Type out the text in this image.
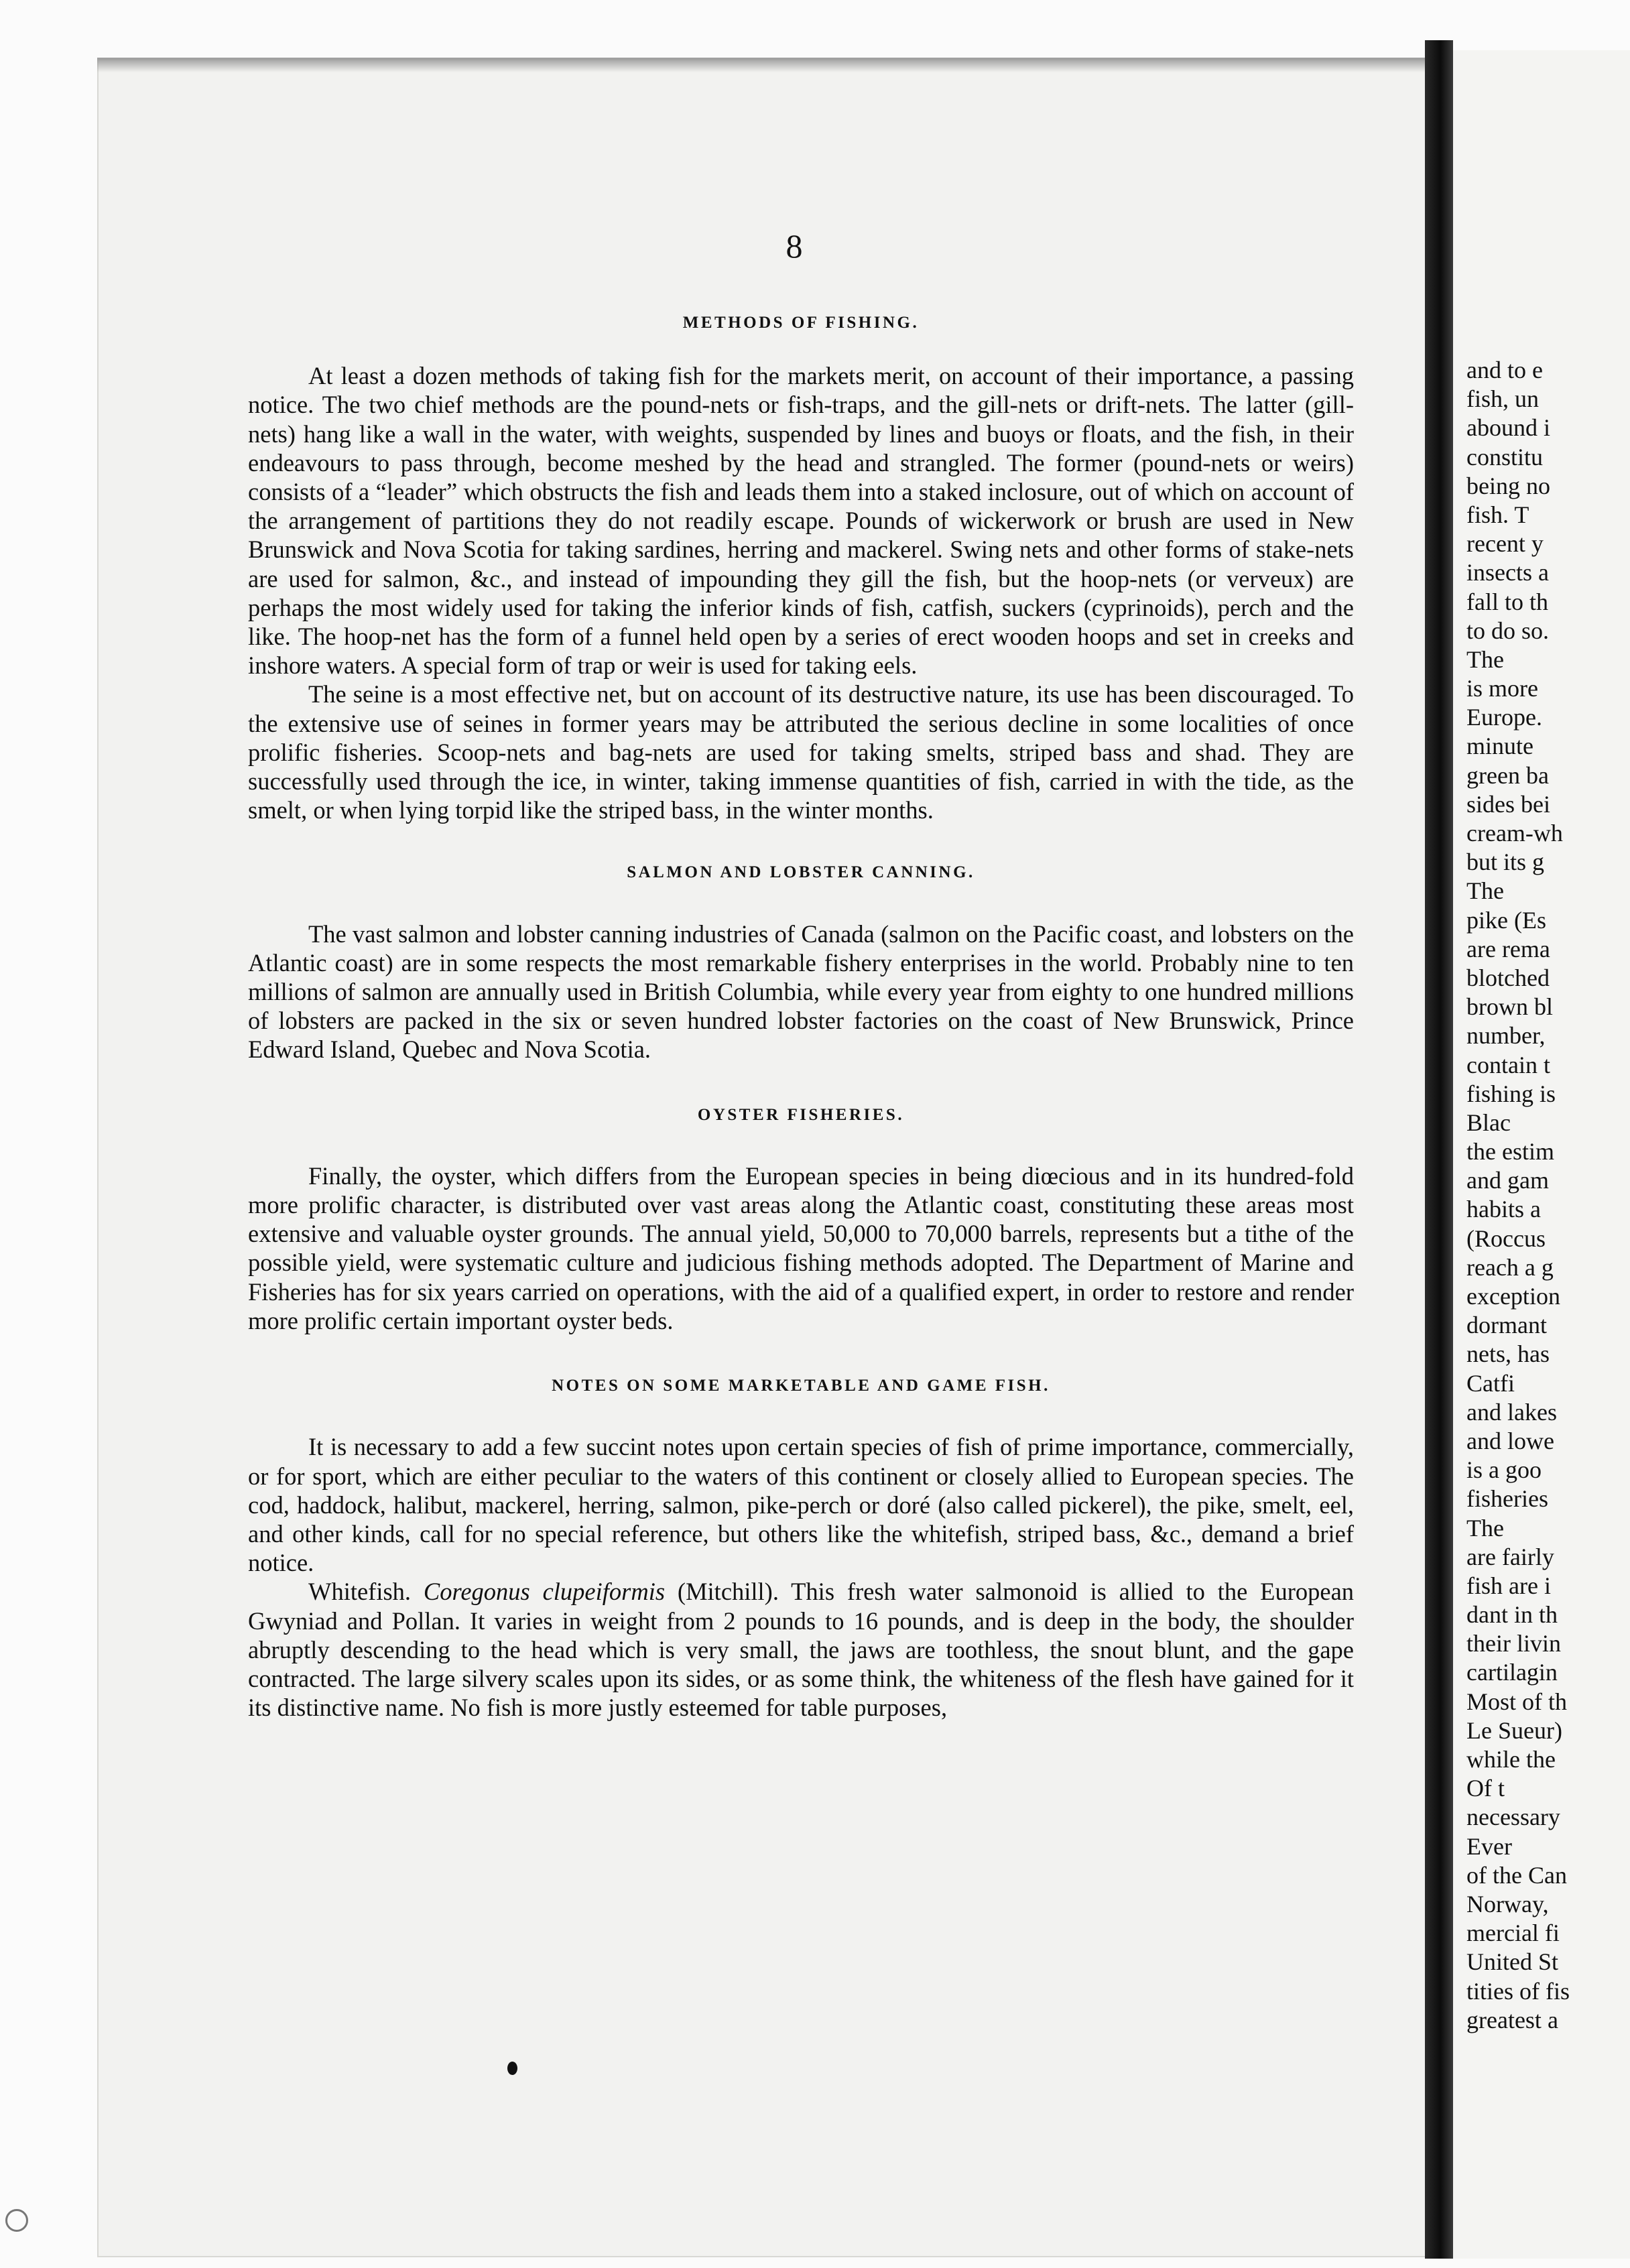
8
METHODS OF FISHING.

At least a dozen methods of taking fish for the markets merit, on account of their importance, a passing notice. The two chief methods are the pound-nets or fish-traps, and the gill-nets or drift-nets. The latter (gill-nets) hang like a wall in the water, with weights, suspended by lines and buoys or floats, and the fish, in their endeavours to pass through, become meshed by the head and strangled. The former (pound-nets or weirs) consists of a “leader” which obstructs the fish and leads them into a staked inclosure, out of which on account of the arrangement of partitions they do not readily escape. Pounds of wickerwork or brush are used in New Brunswick and Nova Scotia for taking sardines, herring and mackerel. Swing nets and other forms of stake-nets are used for salmon, &c., and instead of impounding they gill the fish, but the hoop-nets (or verveux) are perhaps the most widely used for taking the inferior kinds of fish, catfish, suckers (cyprinoids), perch and the like. The hoop-net has the form of a funnel held open by a series of erect wooden hoops and set in creeks and inshore waters. A special form of trap or weir is used for taking eels.

The seine is a most effective net, but on account of its destructive nature, its use has been discouraged. To the extensive use of seines in former years may be attributed the serious decline in some localities of once prolific fisheries. Scoop-nets and bag-nets are used for taking smelts, striped bass and shad. They are successfully used through the ice, in winter, taking immense quantities of fish, carried in with the tide, as the smelt, or when lying torpid like the striped bass, in the winter months.

SALMON AND LOBSTER CANNING.

The vast salmon and lobster canning industries of Canada (salmon on the Pacific coast, and lobsters on the Atlantic coast) are in some respects the most remarkable fishery enterprises in the world. Probably nine to ten millions of salmon are annually used in British Columbia, while every year from eighty to one hundred millions of lobsters are packed in the six or seven hundred lobster factories on the coast of New Brunswick, Prince Edward Island, Quebec and Nova Scotia.

OYSTER FISHERIES.

Finally, the oyster, which differs from the European species in being diœcious and in its hundred-fold more prolific character, is distributed over vast areas along the Atlantic coast, constituting these areas most extensive and valuable oyster grounds. The annual yield, 50,000 to 70,000 barrels, represents but a tithe of the possible yield, were systematic culture and judicious fishing methods adopted. The Department of Marine and Fisheries has for six years carried on operations, with the aid of a qualified expert, in order to restore and render more prolific certain important oyster beds.

NOTES ON SOME MARKETABLE AND GAME FISH.

It is necessary to add a few succint notes upon certain species of fish of prime importance, commercially, or for sport, which are either peculiar to the waters of this continent or closely allied to European species. The cod, haddock, halibut, mackerel, herring, salmon, pike-perch or doré (also called pickerel), the pike, smelt, eel, and other kinds, call for no special reference, but others like the whitefish, striped bass, &c., demand a brief notice.

Whitefish. Coregonus clupeiformis (Mitchill). This fresh water salmonoid is allied to the European Gwyniad and Pollan. It varies in weight from 2 pounds to 16 pounds, and is deep in the body, the shoulder abruptly descending to the head which is very small, the jaws are toothless, the snout blunt, and the gape contracted. The large silvery scales upon its sides, or as some think, the whiteness of the flesh have gained for it its distinctive name. No fish is more justly esteemed for table purposes,

and to e
fish, un
abound i
constitu
being no
fish. T
recent y
insects a
fall to th
to do so.
The
is more
Europe.
minute
green ba
sides bei
cream-wh
but its g
The
pike (Es
are rema
blotched
brown bl
number,
contain t
fishing is
Blac
the estim
and gam
habits a
(Roccus
reach a g
exception
dormant
nets, has
Catfi
and lakes
and lowe
is a goo
fisheries
The
are fairly
fish are i
dant in th
their livin
cartilagin
Most of th
Le Sueur)
while the
Of t
necessary
Ever
of the Can
Norway,
mercial fi
United St
tities of fis
greatest a
